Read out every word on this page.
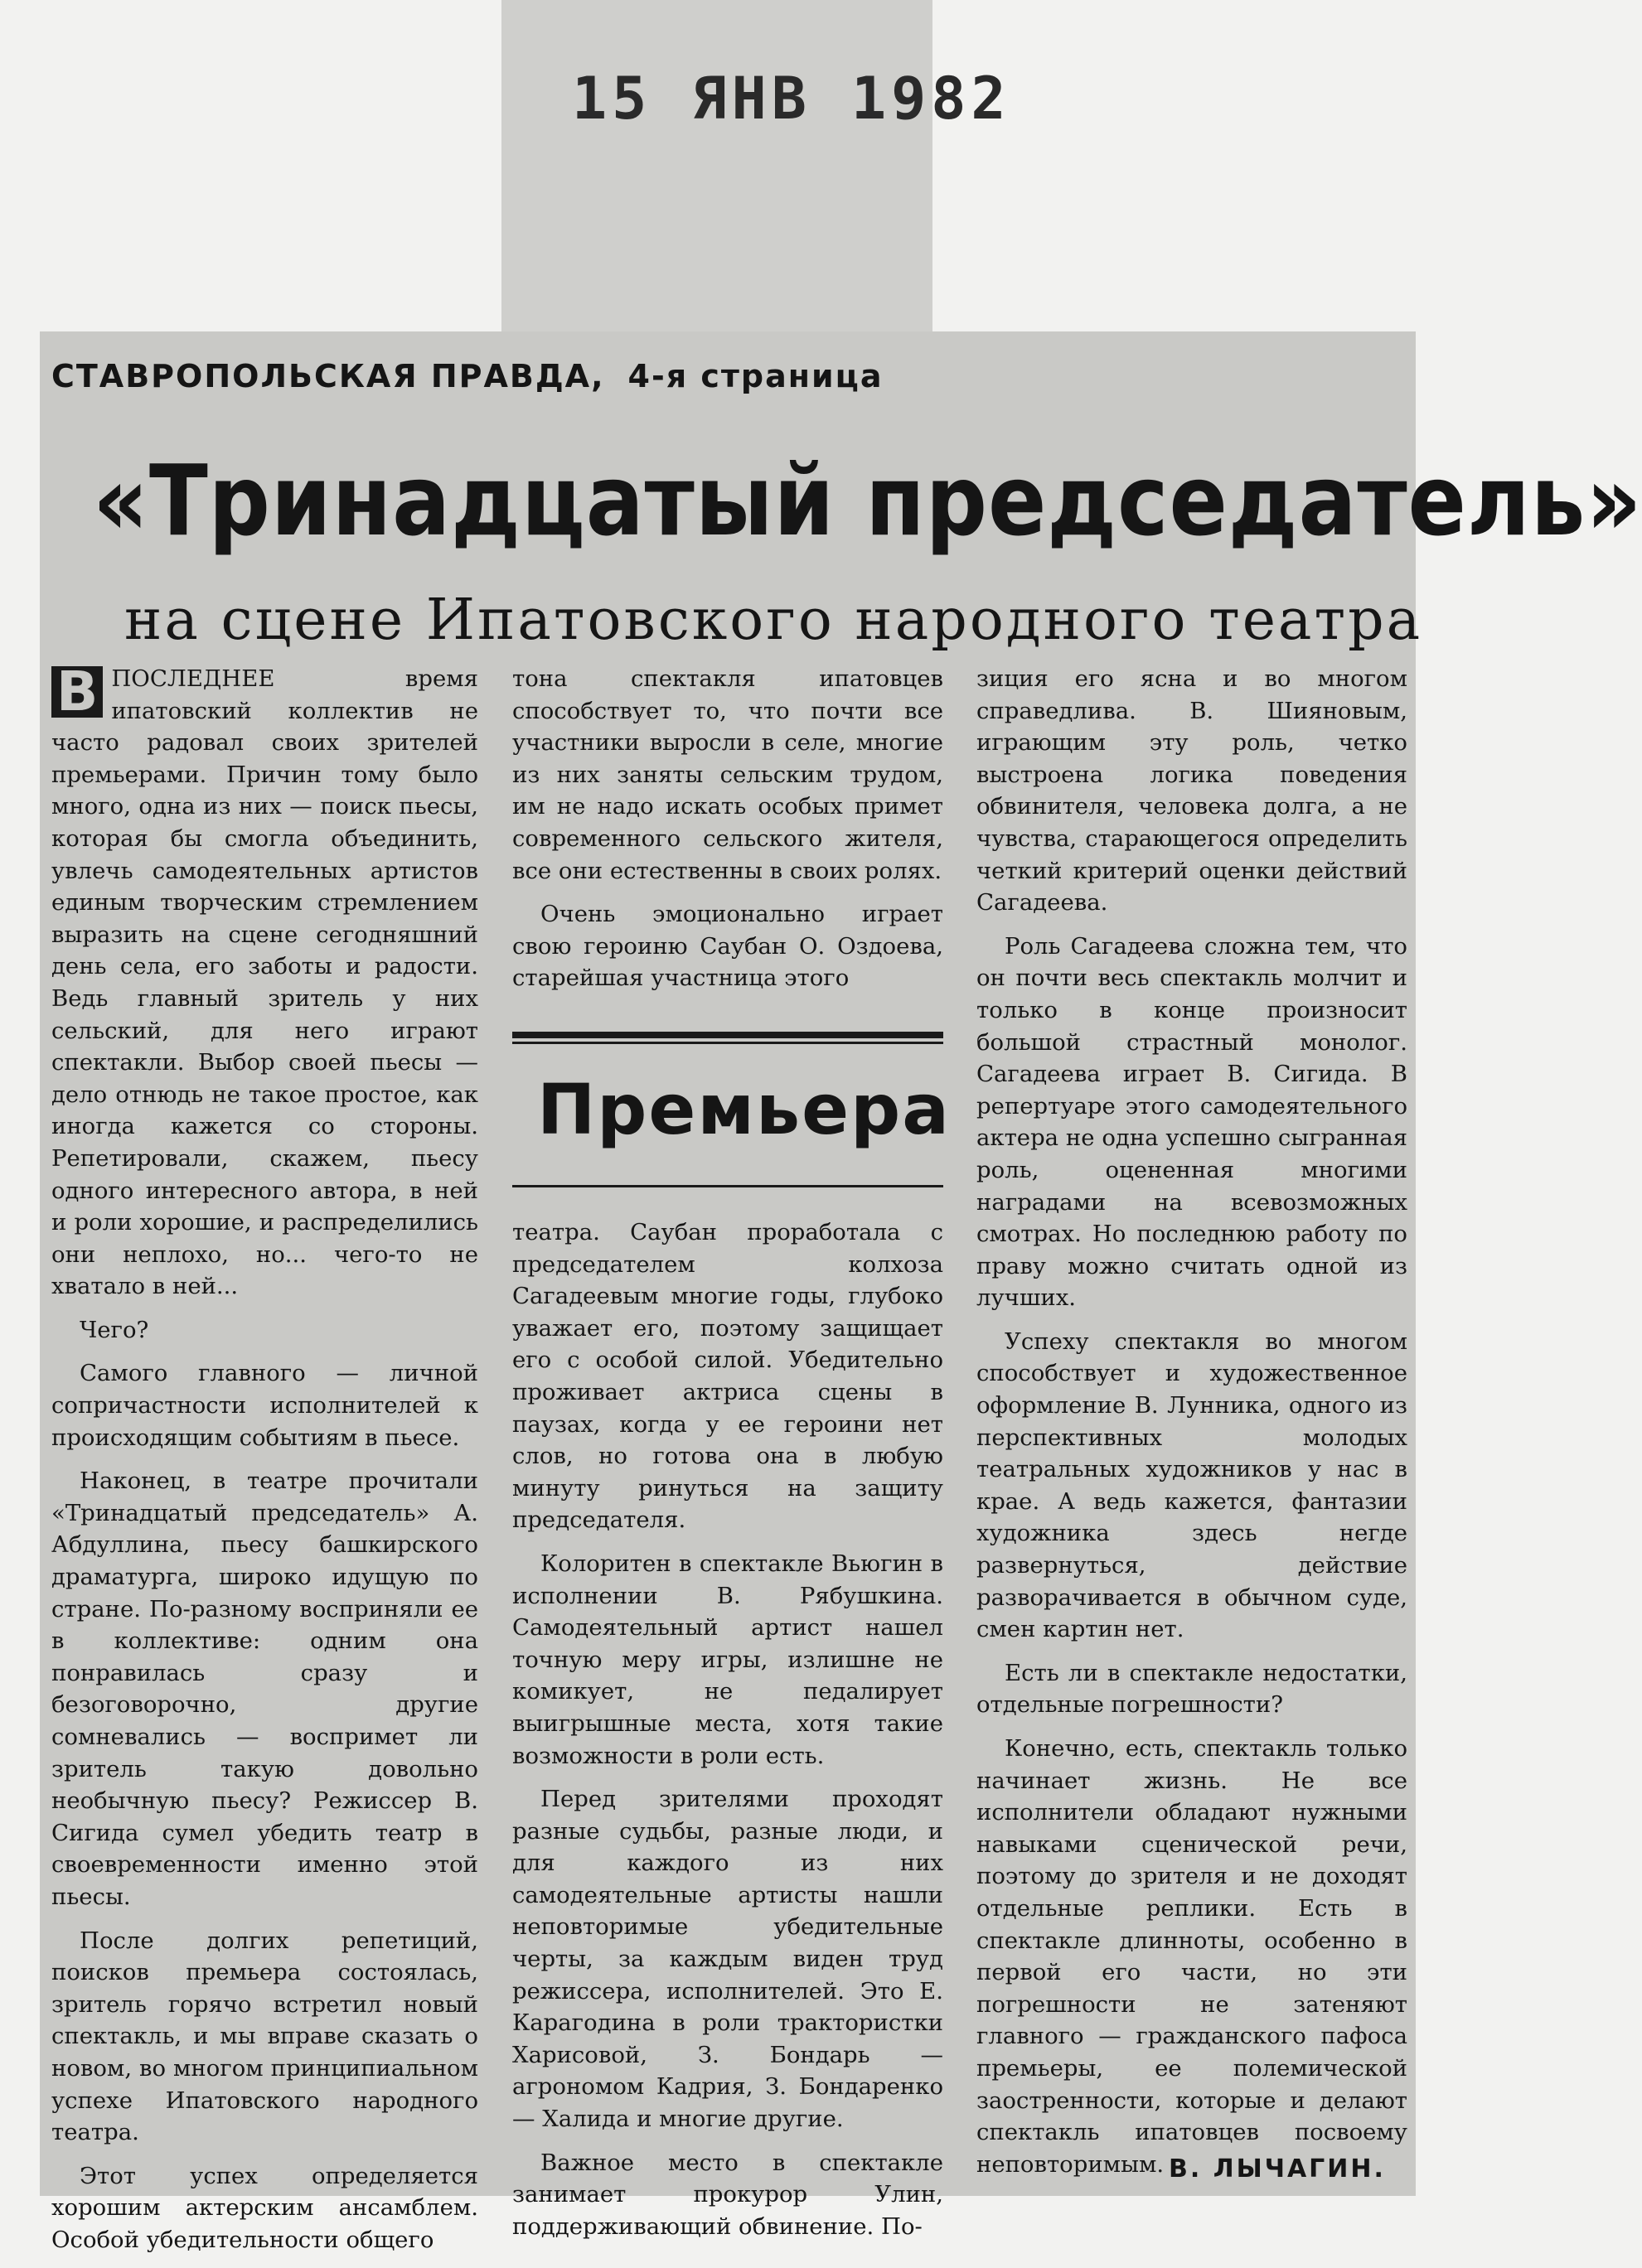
15 ЯНВ 1982
СТАВРОПОЛЬСКАЯ ПРАВДА, 4-я страница
«Тринадцатый председатель»
на сцене Ипатовского народного театра

В ПОСЛЕДНЕЕ время ипатовский коллектив не часто радовал своих зрителей премьерами. Причин тому было много, одна из них — поиск пьесы, которая бы смогла объединить, увлечь самодеятельных артистов единым творческим стремлением выразить на сцене сегодняшний день села, его заботы и радости. Ведь главный зритель у них сельский, для него играют спектакли. Выбор своей пьесы — дело отнюдь не такое простое, как иногда кажется со стороны. Репетировали, скажем, пьесу одного интересного автора, в ней и роли хорошие, и распределились они неплохо, но... чего-то не хватало в ней...

Чего?

Самого главного — личной сопричастности исполнителей к происходящим событиям в пьесе.

Наконец, в театре прочитали «Тринадцатый председатель» А. Абдуллина, пьесу башкирского драматурга, широко идущую по стране. По-разному восприняли ее в коллективе: одним она понравилась сразу и безоговорочно, другие сомневались — воспримет ли зритель такую довольно необычную пьесу? Режиссер В. Сигида сумел убедить театр в своевременности именно этой пьесы.

После долгих репетиций, поисков премьера состоялась, зритель горячо встретил новый спектакль, и мы вправе сказать о новом, во многом принципиальном успехе Ипатовского народного театра.

Этот успех определяется хорошим актерским ансамблем. Особой убедительности общего

тона спектакля ипатовцев способствует то, что почти все участники выросли в селе, многие из них заняты сельским трудом, им не надо искать особых примет современного сельского жителя, все они естественны в своих ролях.

Очень эмоционально играет свою героиню Саубан О. Оздоева, старейшая участница этого

Премьера

театра. Саубан проработала с председателем колхоза Сагадеевым многие годы, глубоко уважает его, поэтому защищает его с особой силой. Убедительно проживает актриса сцены в паузах, когда у ее героини нет слов, но готова она в любую минуту ринуться на защиту председателя.

Колоритен в спектакле Вьюгин в исполнении В. Рябушкина. Самодеятельный артист нашел точную меру игры, излишне не комикует, не педалирует выигрышные места, хотя такие возможности в роли есть.

Перед зрителями проходят разные судьбы, разные люди, и для каждого из них самодеятельные артисты нашли неповторимые убедительные черты, за каждым виден труд режиссера, исполнителей. Это Е. Карагодина в роли трактористки Харисовой, З. Бондарь — агрономом Кадрия, З. Бондаренко — Халида и многие другие.

Важное место в спектакле занимает прокурор Улин, поддерживающий обвинение. По-

зиция его ясна и во многом справедлива. В. Шияновым, играющим эту роль, четко выстроена логика поведения обвинителя, человека долга, а не чувства, старающегося определить четкий критерий оценки действий Сагадеева.

Роль Сагадеева сложна тем, что он почти весь спектакль молчит и только в конце произносит большой страстный монолог. Сагадеева играет В. Сигида. В репертуаре этого самодеятельного актера не одна успешно сыгранная роль, оцененная многими наградами на всевозможных смотрах. Но последнюю работу по праву можно считать одной из лучших.

Успеху спектакля во многом способствует и художественное оформление В. Лунника, одного из перспективных молодых театральных художников у нас в крае. А ведь кажется, фантазии художника здесь негде развернуться, действие разворачивается в обычном суде, смен картин нет.

Есть ли в спектакле недостатки, отдельные погрешности?

Конечно, есть, спектакль только начинает жизнь. Не все исполнители обладают нужными навыками сценической речи, поэтому до зрителя и не доходят отдельные реплики. Есть в спектакле длинноты, особенно в первой его части, но эти погрешности не затеняют главного — гражданского пафоса премьеры, ее полемической заостренности, которые и делают спектакль ипатовцев поcвоему неповторимым. В. ЛЫЧАГИН.
